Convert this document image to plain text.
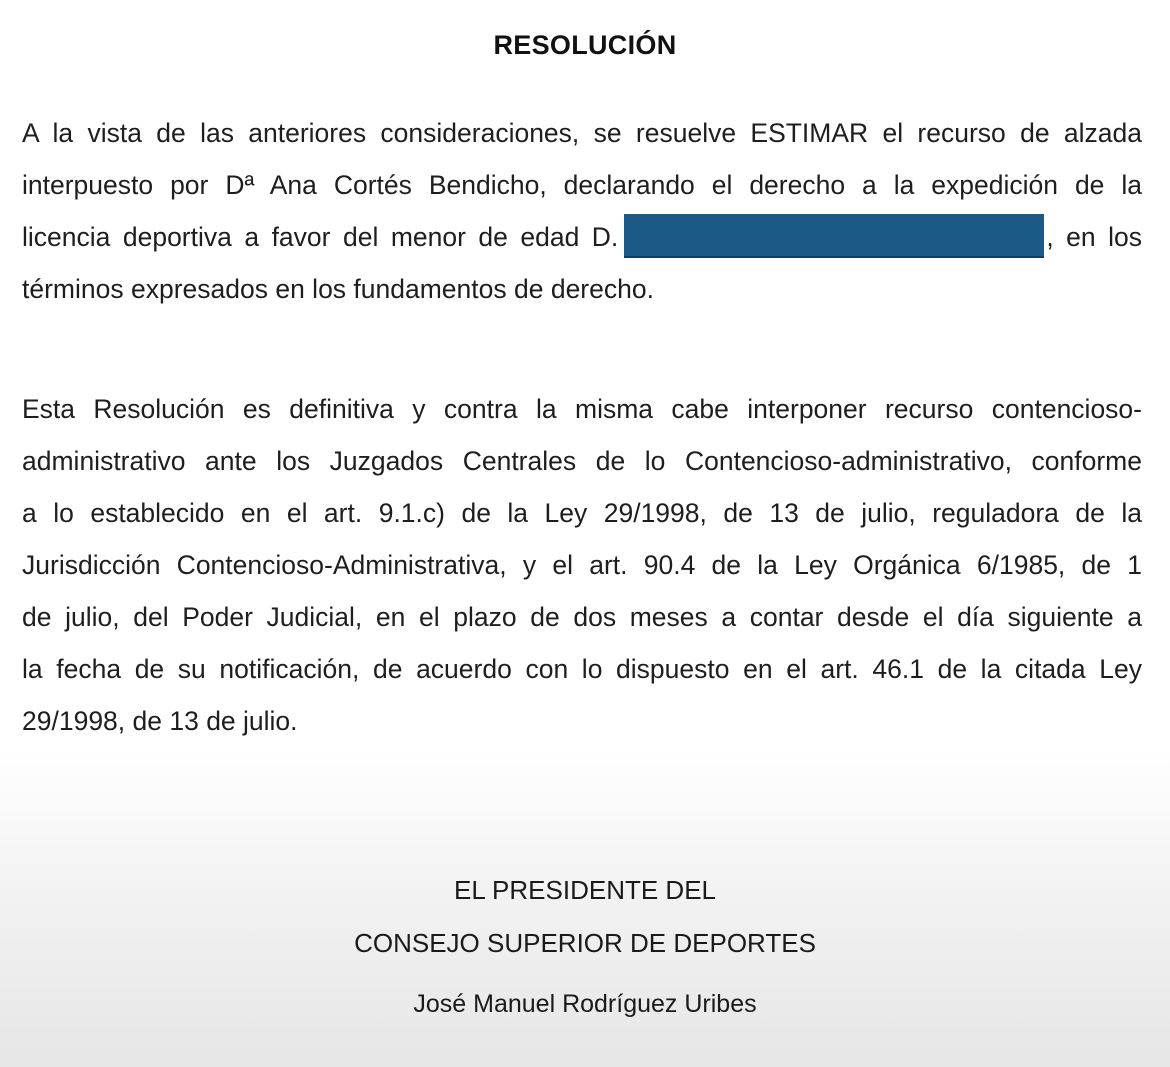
RESOLUCIÓN
A la vista de las anteriores consideraciones, se resuelve ESTIMAR el recurso de alzada
interpuesto por Dª Ana Cortés Bendicho, declarando el derecho a la expedición de la
licencia deportiva a favor del menor de edad D.	, en los
términos expresados en los fundamentos de derecho.
Esta Resolución es definitiva y contra la misma cabe interponer recurso contencioso-
administrativo ante los Juzgados Centrales de lo Contencioso-administrativo, conforme
a lo establecido en el art. 9.1.c) de la Ley 29/1998, de 13 de julio, reguladora de la
Jurisdicción Contencioso-Administrativa, y el art. 90.4 de la Ley Orgánica 6/1985, de 1
de julio, del Poder Judicial, en el plazo de dos meses a contar desde el día siguiente a
la fecha de su notificación, de acuerdo con lo dispuesto en el art. 46.1 de la citada Ley
29/1998, de 13 de julio.
EL PRESIDENTE DEL
CONSEJO SUPERIOR DE DEPORTES
José Manuel Rodríguez Uribes
